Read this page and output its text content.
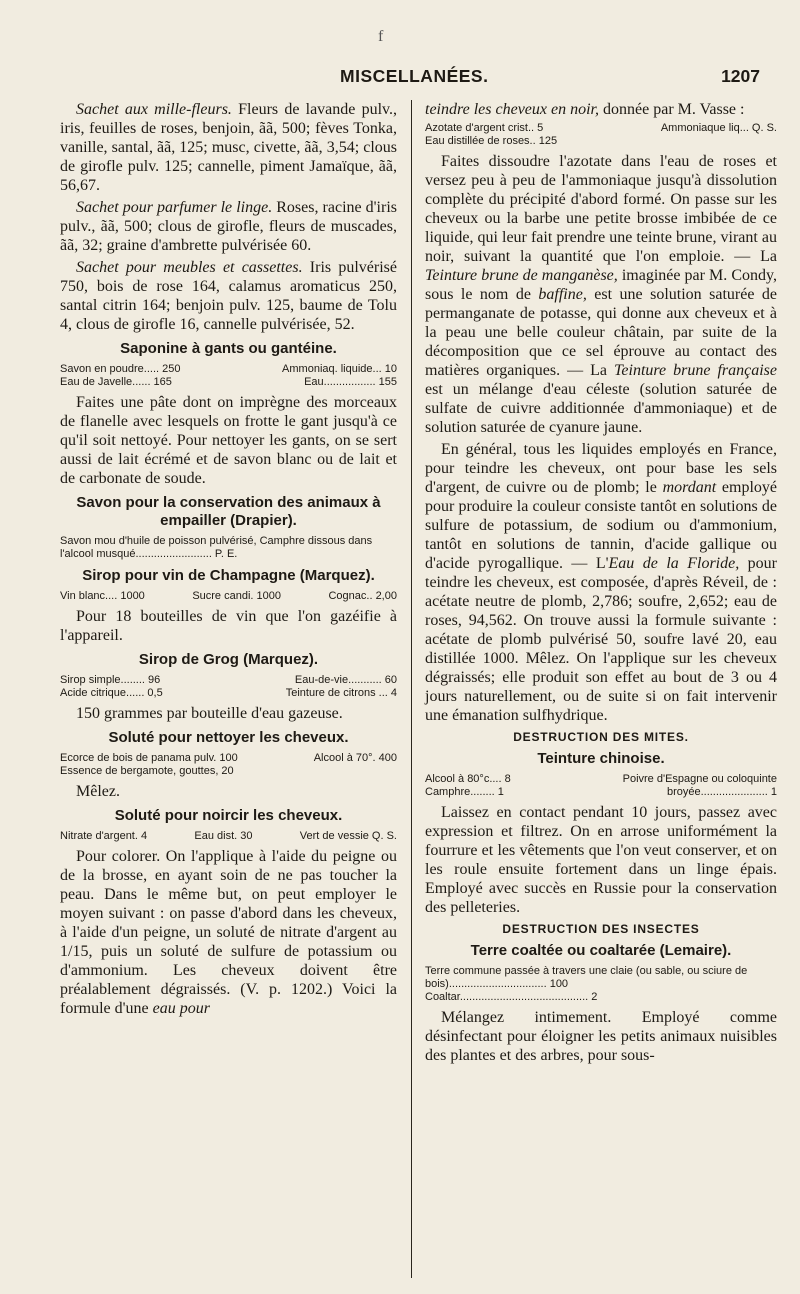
f
MISCELLANÉES.	1207

Sachet aux mille-fleurs. Fleurs de lavande pulv., iris, feuilles de roses, benjoin, ãã, 500; fèves Tonka, vanille, santal, ãã, 125; musc, civette, ãã, 3,54; clous de girofle pulv. 125; cannelle, piment Jamaïque, ãã, 56,67.

Sachet pour parfumer le linge. Roses, racine d'iris pulv., ãã, 500; clous de girofle, fleurs de muscades, ãã, 32; graine d'ambrette pulvérisée 60.

Sachet pour meubles et cassettes. Iris pulvérisé 750, bois de rose 164, calamus aromaticus 250, santal citrin 164; benjoin pulv. 125, baume de Tolu 4, clous de girofle 16, cannelle pulvérisée, 52.

Saponine à gants ou gantéine.
Savon en poudre..... 250	Ammoniaq. liquide... 10
Eau de Javelle...... 165	Eau................. 155

Faites une pâte dont on imprègne des morceaux de flanelle avec lesquels on frotte le gant jusqu'à ce qu'il soit nettoyé. Pour nettoyer les gants, on se sert aussi de lait écrémé et de savon blanc ou de lait et de carbonate de soude.

Savon pour la conservation des animaux à empailler (Drapier).
Savon mou d'huile de poisson pulvérisé, Camphre dissous dans l'alcool musqué......................... P. E.
Sirop pour vin de Champagne (Marquez).
Vin blanc.... 1000	Sucre candi. 1000	Cognac.. 2,00

Pour 18 bouteilles de vin que l'on gazéifie à l'appareil.

Sirop de Grog (Marquez).
Sirop simple........ 96	Eau-de-vie........... 60
Acide citrique...... 0,5	Teinture de citrons ... 4

150 grammes par bouteille d'eau gazeuse.

Soluté pour nettoyer les cheveux.
Ecorce de bois de panama pulv. 100	Alcool à 70°. 400
Essence de bergamote, gouttes, 20

Mêlez.

Soluté pour noircir les cheveux.
Nitrate d'argent. 4	Eau dist. 30	Vert de vessie Q. S.

Pour colorer. On l'applique à l'aide du peigne ou de la brosse, en ayant soin de ne pas toucher la peau. Dans le même but, on peut employer le moyen suivant : on passe d'abord dans les cheveux, à l'aide d'un peigne, un soluté de nitrate d'argent au 1/15, puis un soluté de sulfure de potassium ou d'ammonium. Les cheveux doivent être préalablement dégraissés. (V. p. 1202.) Voici la formule d'une eau pour

teindre les cheveux en noir, donnée par M. Vasse :

Azotate d'argent crist.. 5	Ammoniaque liq... Q. S.
Eau distillée de roses.. 125

Faites dissoudre l'azotate dans l'eau de roses et versez peu à peu de l'ammoniaque jusqu'à dissolution complète du précipité d'abord formé. On passe sur les cheveux ou la barbe une petite brosse imbibée de ce liquide, qui leur fait prendre une teinte brune, virant au noir, suivant la quantité que l'on emploie. — La Teinture brune de manganèse, imaginée par M. Condy, sous le nom de baffine, est une solution saturée de permanganate de potasse, qui donne aux cheveux et à la peau une belle couleur châtain, par suite de la décomposition que ce sel éprouve au contact des matières organiques. — La Teinture brune française est un mélange d'eau céleste (solution saturée de sulfate de cuivre additionnée d'ammoniaque) et de solution saturée de cyanure jaune.

En général, tous les liquides employés en France, pour teindre les cheveux, ont pour base les sels d'argent, de cuivre ou de plomb; le mordant employé pour produire la couleur consiste tantôt en solutions de sulfure de potassium, de sodium ou d'ammonium, tantôt en solutions de tannin, d'acide gallique ou d'acide pyrogallique. — L'Eau de la Floride, pour teindre les cheveux, est composée, d'après Réveil, de : acétate neutre de plomb, 2,786; soufre, 2,652; eau de roses, 94,562. On trouve aussi la formule suivante : acétate de plomb pulvérisé 50, soufre lavé 20, eau distillée 1000. Mêlez. On l'applique sur les cheveux dégraissés; elle produit son effet au bout de 3 ou 4 jours naturellement, ou de suite si on fait intervenir une émanation sulfhydrique.

DESTRUCTION DES MITES.
Teinture chinoise.
Alcool à 80°c.... 8	Poivre d'Espagne ou coloquinte
Camphre........ 1	broyée...................... 1

Laissez en contact pendant 10 jours, passez avec expression et filtrez. On en arrose uniformément la fourrure et les vêtements que l'on veut conserver, et on les roule ensuite fortement dans un linge épais. Employé avec succès en Russie pour la conservation des pelleteries.

DESTRUCTION DES INSECTES
Terre coaltée ou coaltarée (Lemaire).
Terre commune passée à travers une claie (ou sable, ou sciure de bois)................................ 100
Coaltar.......................................... 2

Mélangez intimement. Employé comme désinfectant pour éloigner les petits animaux nuisibles des plantes et des arbres, pour sous-
